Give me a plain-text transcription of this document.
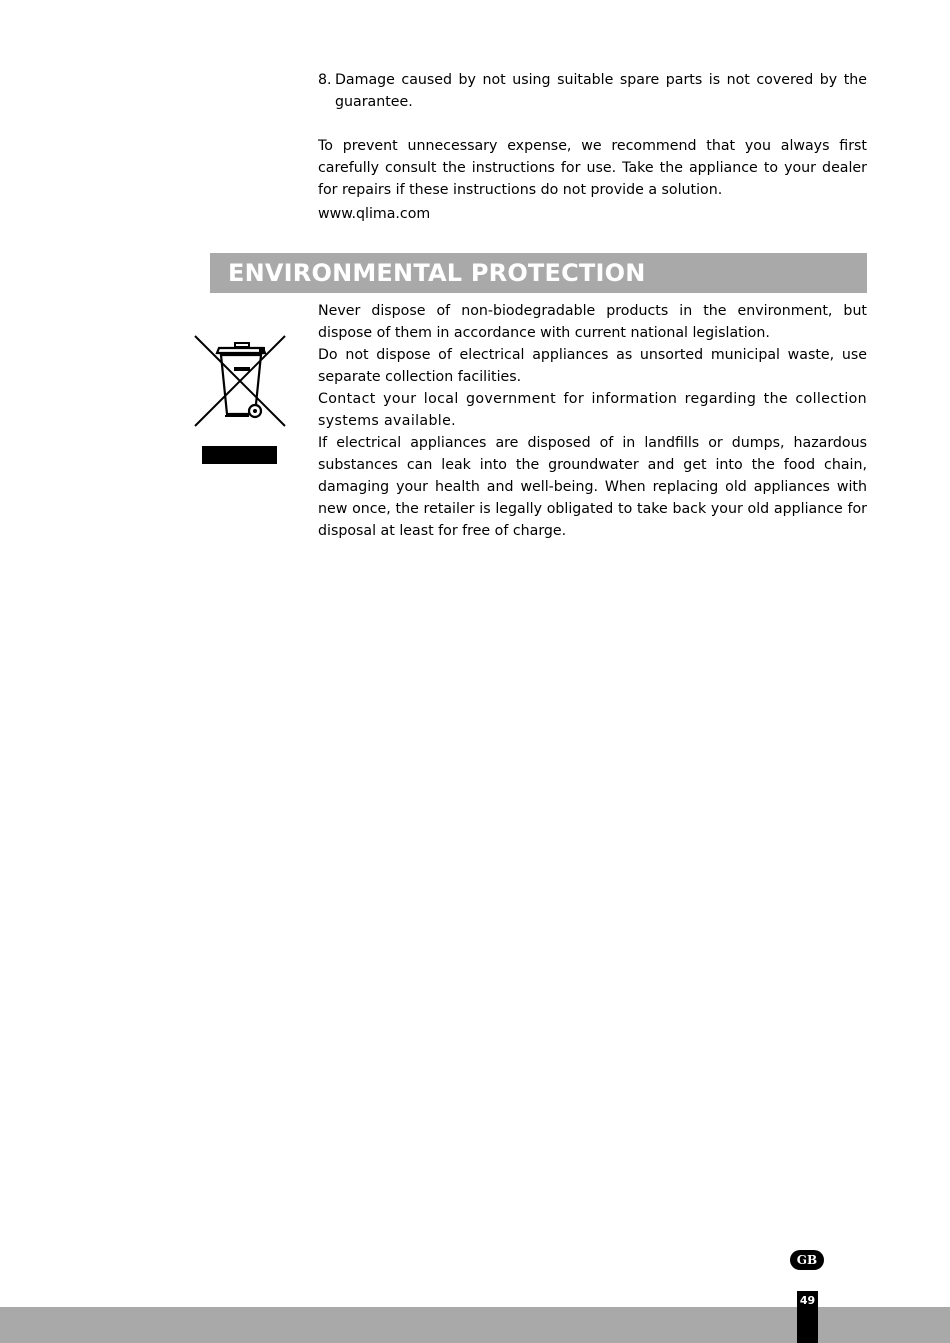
8. Damage caused by not using suitable spare parts is not covered by the guarantee.
To prevent unnecessary expense, we recommend that you always first carefully consult the instructions for use. Take the appliance to your dealer for repairs if these instructions do not provide a solution.
www.qlima.com
ENVIRONMENTAL PROTECTION

Never dispose of non-biodegradable products in the environment, but dispose of them in accordance with current national legislation.

Do not dispose of electrical appliances as unsorted municipal waste, use separate collection facilities.

Contact your local government for information regarding the collection systems available.

If electrical appliances are disposed of in landfills or dumps, hazardous substances can leak into the groundwater and get into the food chain, damaging your health and well-being. When replacing old appliances with new once, the retailer is legally obligated to take back your old appliance for disposal at least for free of charge.

GB
49
